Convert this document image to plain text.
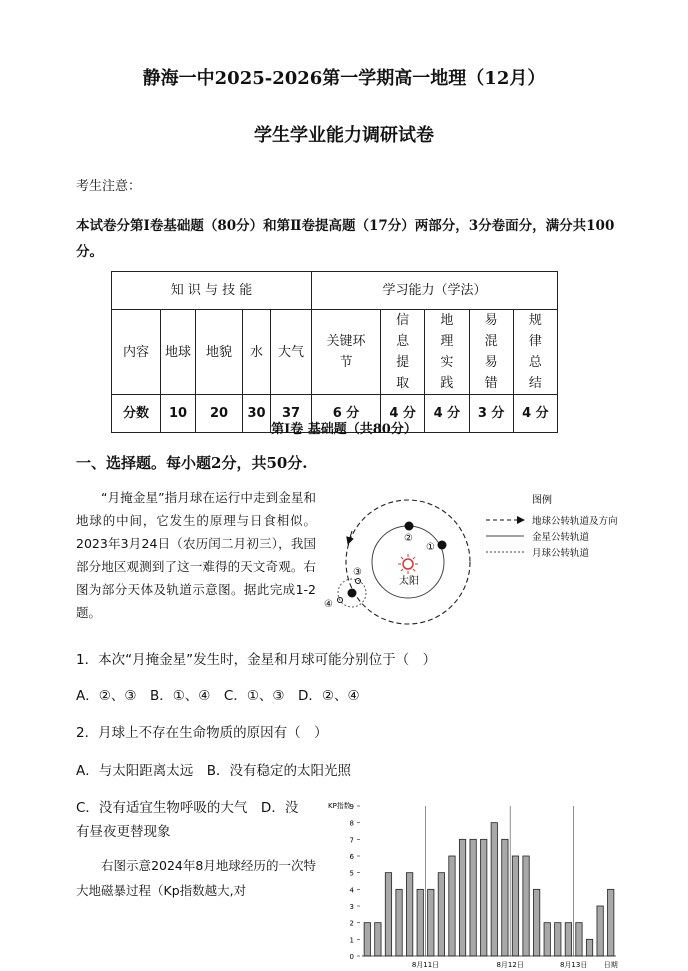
静海一中2025-2026第一学期高一地理（12月）
学生学业能力调研试卷
考生注意：
本试卷分第Ⅰ卷基础题（80分）和第Ⅱ卷提高题（17分）两部分，3分卷面分，满分共100分。
知 识 与 技 能					学习能力（学法）				
内容	地球	地貌	水	大气	关键环节	信息提取	地理实践	易混易错	规律总结
分数	10	20	30	37	6 分	4 分	4 分	3 分	4 分
第Ⅰ卷 基础题（共80分）
一、选择题。每小题2分，共50分.
“月掩金星”指月球在运行中走到金星和地球的中间，它发生的原理与日食相似。2023年3月24日（农历闰二月初三），我国部分地区观测到了这一难得的天文奇观。右图为部分天体及轨道示意图。据此完成1-2题。
太阳
②
①
③
④
图例
地球公转轨道及方向
金星公转轨道
月球公转轨道
1．本次“月掩金星”发生时，金星和月球可能分别位于（　）
A．②、③　B．①、④　C．①、③　D．②、④
2．月球上不存在生命物质的原因有（　）
A．与太阳距离太远　B．没有稳定的太阳光照
C．没有适宜生物呼吸的大气　D．没
有昼夜更替现象
右图示意2024年8月地球经历的一次特大地磁暴过程（Kp指数越大,对
KP指数
0
1
2
3
4
5
6
7
8
9
8月11日	8月12日	8月13日 日期
